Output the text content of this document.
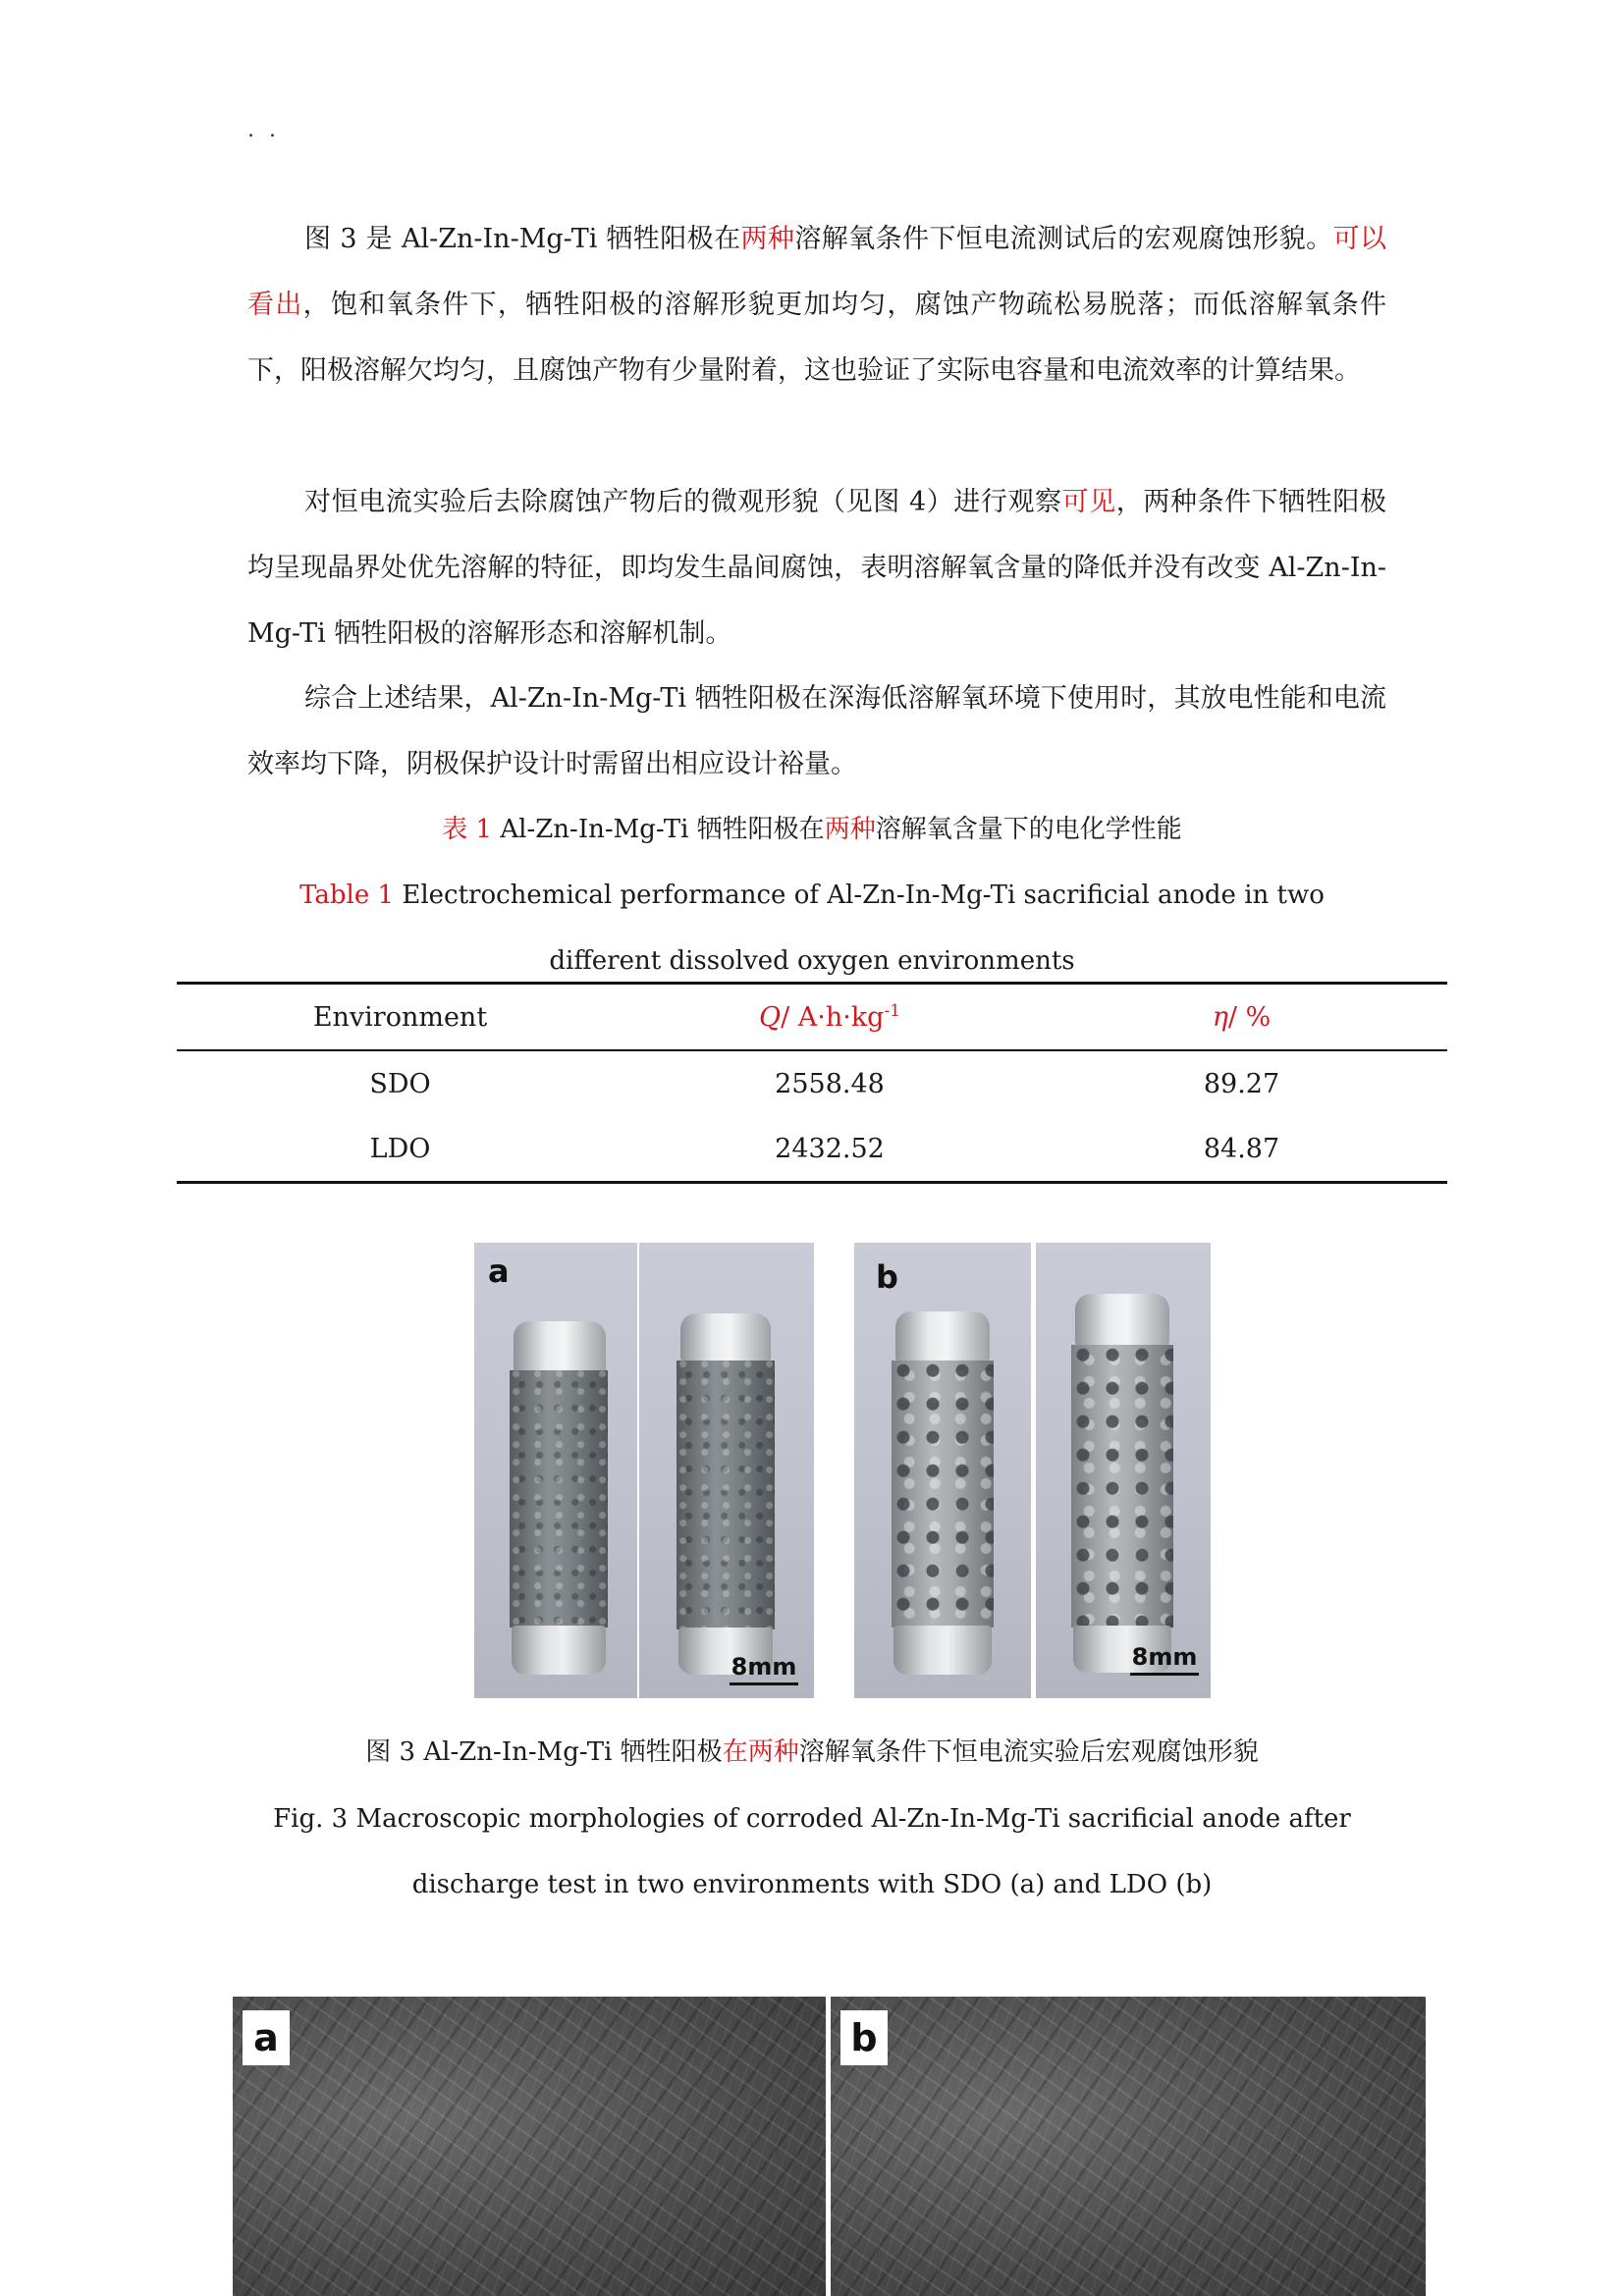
. .

图 3 是 Al-Zn-In-Mg-Ti 牺牲阳极在两种溶解氧条件下恒电流测试后的宏观腐蚀形貌。可以看出，饱和氧条件下，牺牲阳极的溶解形貌更加均匀，腐蚀产物疏松易脱落；而低溶解氧条件下，阳极溶解欠均匀，且腐蚀产物有少量附着，这也验证了实际电容量和电流效率的计算结果。

对恒电流实验后去除腐蚀产物后的微观形貌（见图 4）进行观察可见，两种条件下牺牲阳极均呈现晶界处优先溶解的特征，即均发生晶间腐蚀，表明溶解氧含量的降低并没有改变 Al-Zn-In-Mg-Ti 牺牲阳极的溶解形态和溶解机制。

综合上述结果，Al-Zn-In-Mg-Ti 牺牲阳极在深海低溶解氧环境下使用时，其放电性能和电流效率均下降，阴极保护设计时需留出相应设计裕量。

表 1 Al-Zn-In-Mg-Ti 牺牲阳极在两种溶解氧含量下的电化学性能

Table 1 Electrochemical performance of Al-Zn-In-Mg-Ti sacrificial anode in two different dissolved oxygen environments

Environment	Q/ $A\cdot h\cdot kg^{-1}$	η/ %
SDO	2558.48	89.27
LDO	2432.52	84.87
a
8mm
b
8mm

图 3 Al-Zn-In-Mg-Ti 牺牲阳极在两种溶解氧条件下恒电流实验后宏观腐蚀形貌

Fig. 3 Macroscopic morphologies of corroded Al-Zn-In-Mg-Ti sacrificial anode after discharge test in two environments with SDO (a) and LDO (b)

a	b
